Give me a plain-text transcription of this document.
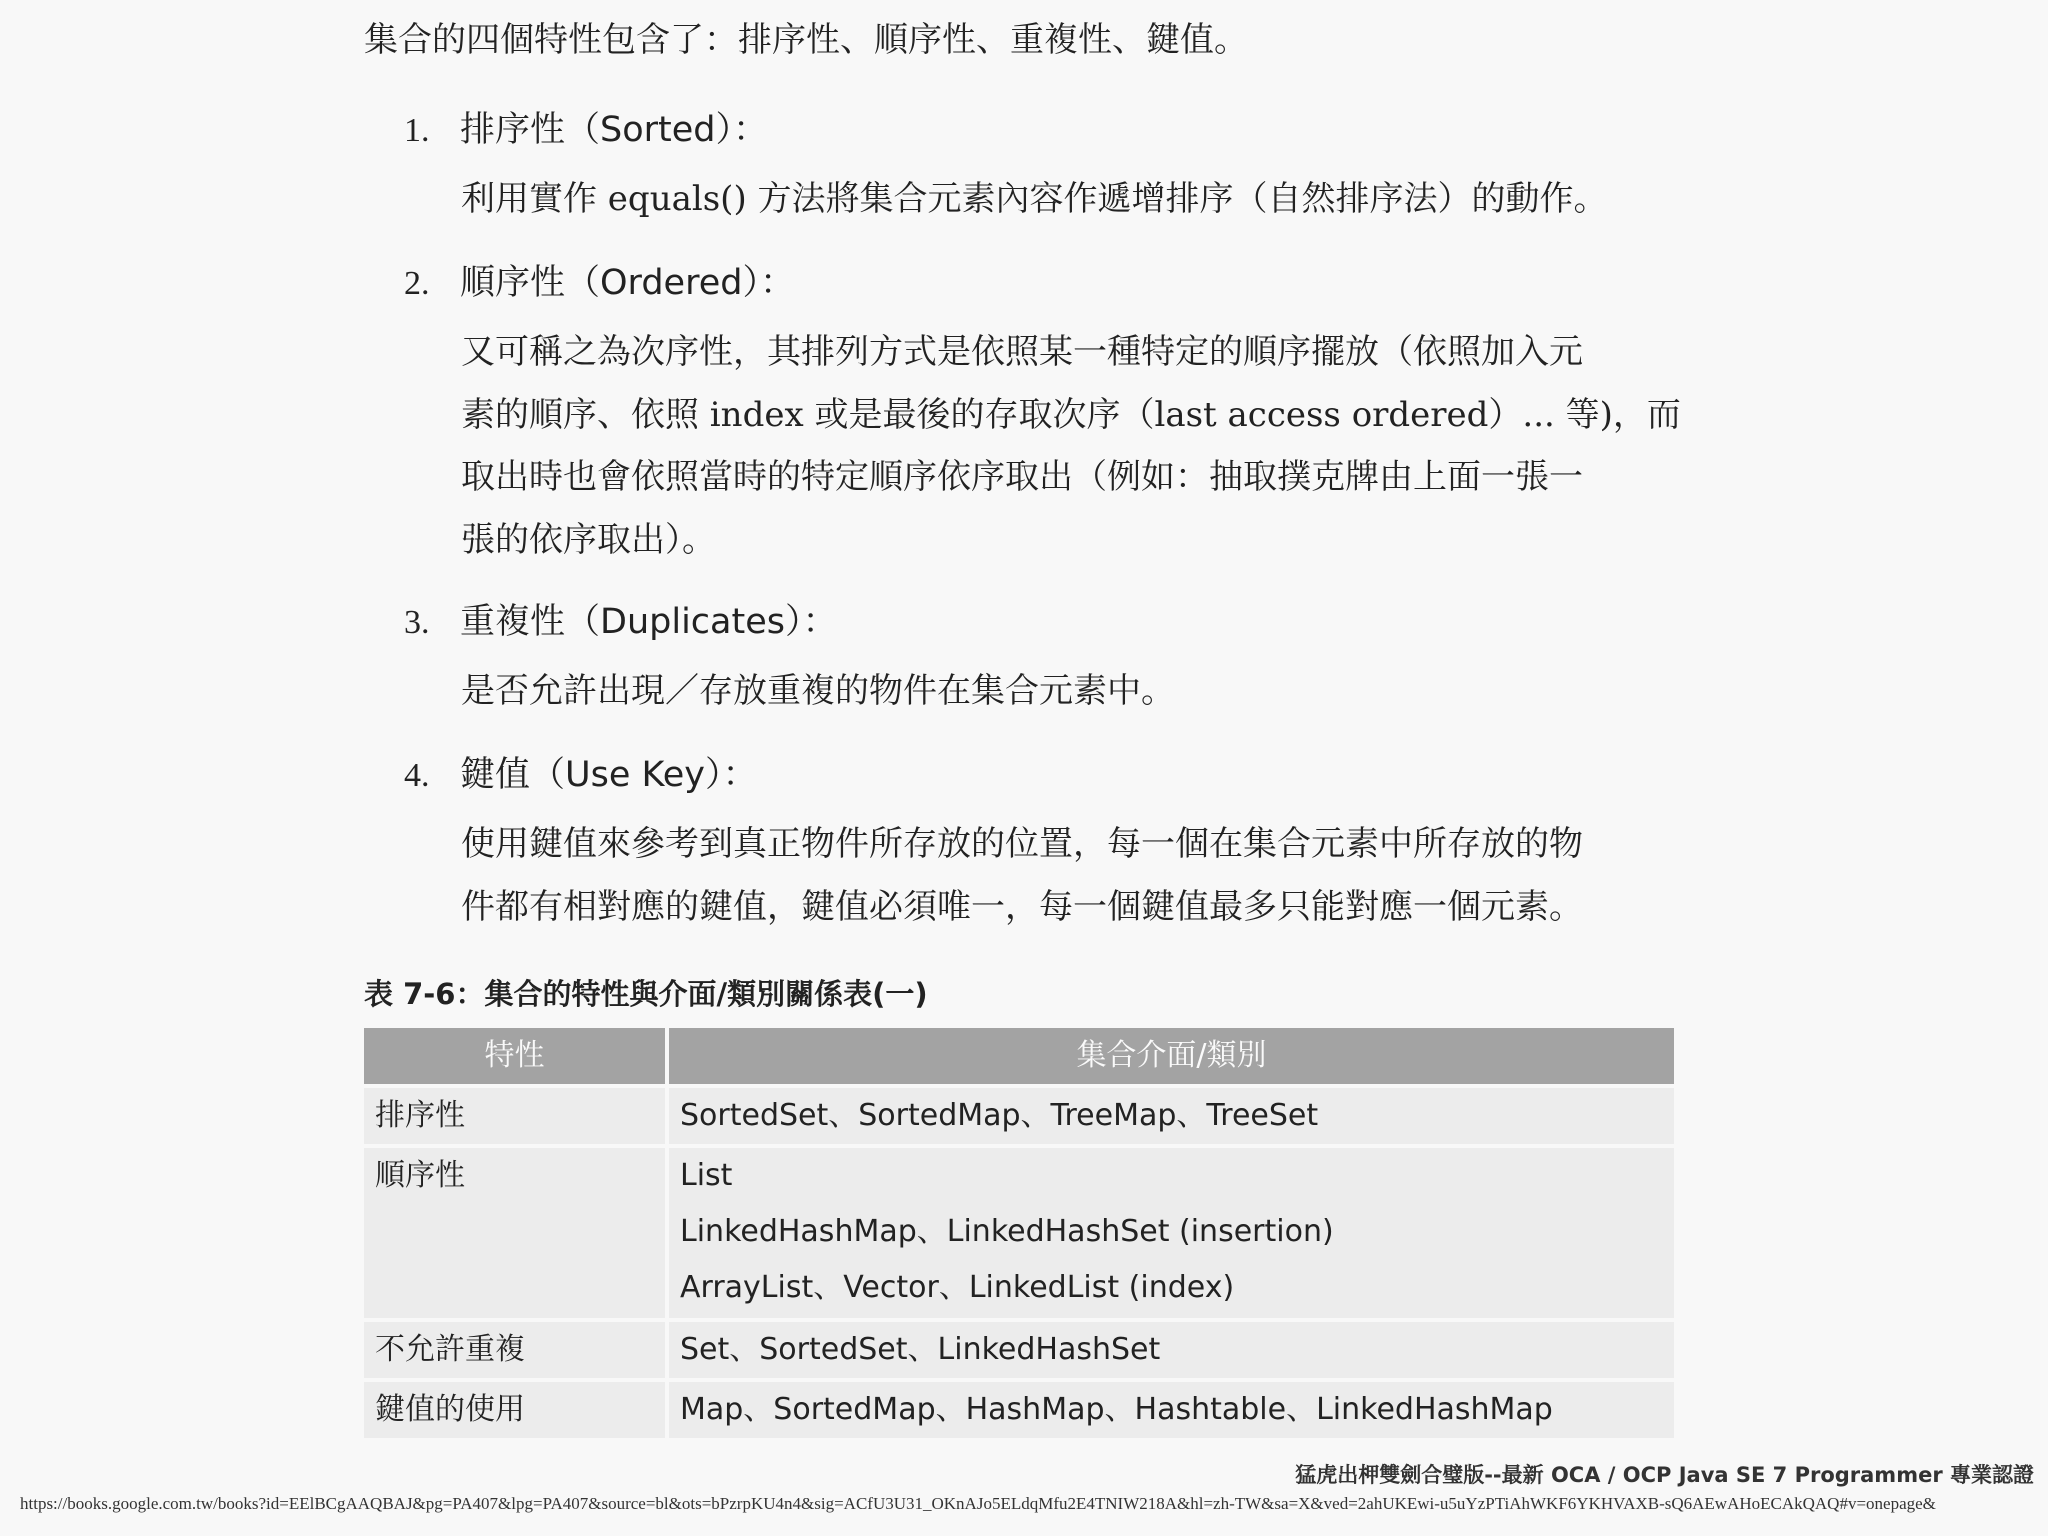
集合的四個特性包含了：排序性、順序性、重複性、鍵值。
1. 排序性（Sorted）：
利用實作 equals() 方法將集合元素內容作遞增排序（自然排序法）的動作。
2. 順序性（Ordered）：
又可稱之為次序性，其排列方式是依照某一種特定的順序擺放（依照加入元
素的順序、依照 index 或是最後的存取次序（last access ordered）... 等)，而
取出時也會依照當時的特定順序依序取出（例如：抽取撲克牌由上面一張一
張的依序取出）。
3. 重複性（Duplicates）：
是否允許出現／存放重複的物件在集合元素中。
4. 鍵值（Use Key）：
使用鍵值來參考到真正物件所存放的位置，每一個在集合元素中所存放的物
件都有相對應的鍵值，鍵值必須唯一，每一個鍵值最多只能對應一個元素。
表 7-6：集合的特性與介面/類別關係表(一)
特性	集合介面/類別
排序性	SortedSet、SortedMap、TreeMap、TreeSet
順序性	List
LinkedHashMap、LinkedHashSet (insertion)
ArrayList、Vector、LinkedList (index)
不允許重複	Set、SortedSet、LinkedHashSet
鍵值的使用	Map、SortedMap、HashMap、Hashtable、LinkedHashMap
猛虎出柙雙劍合璧版--最新 OCA / OCP Java SE 7 Programmer 專業認證
https://books.google.com.tw/books?id=EElBCgAAQBAJ&pg=PA407&lpg=PA407&source=bl&ots=bPzrpKU4n4&sig=ACfU3U31_OKnAJo5ELdqMfu2E4TNIW218A&hl=zh-TW&sa=X&ved=2ahUKEwi-u5uYzPTiAhWKF6YKHVAXB-sQ6AEwAHoECAkQAQ#v=onepage&
